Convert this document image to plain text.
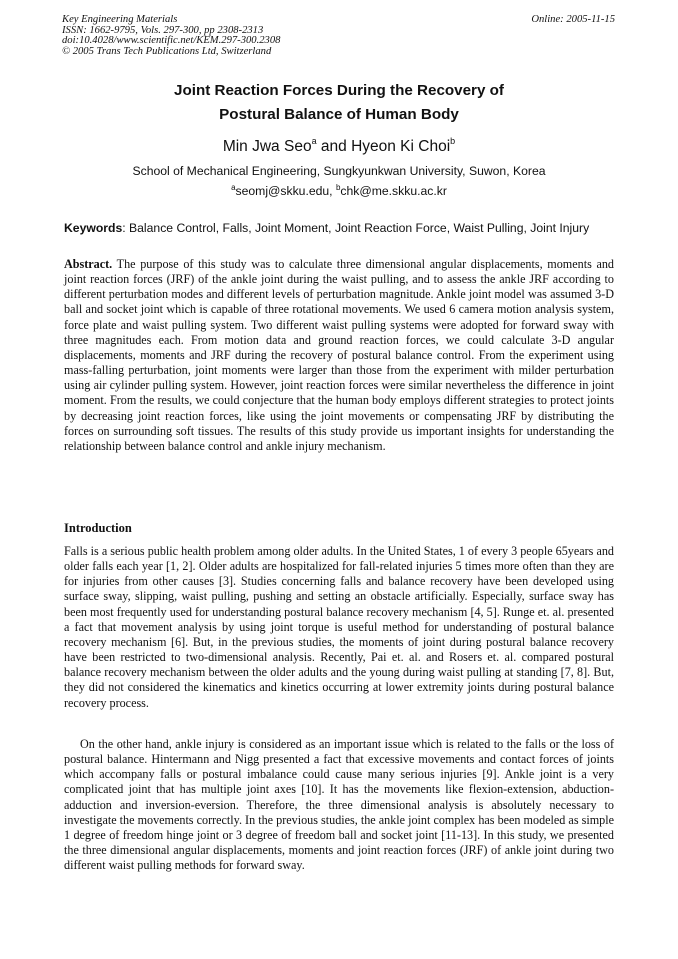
Key Engineering Materials
ISSN: 1662-9795, Vols. 297-300, pp 2308-2313
doi:10.4028/www.scientific.net/KEM.297-300.2308
© 2005 Trans Tech Publications Ltd, Switzerland
Online: 2005-11-15
Joint Reaction Forces During the Recovery of
Postural Balance of Human Body
Min Jwa Seo$^a$ and Hyeon Ki Choi$^b$
School of Mechanical Engineering, Sungkyunkwan University, Suwon, Korea
$^a$seomj@skku.edu, $^b$chk@me.skku.ac.kr
Keywords: Balance Control, Falls, Joint Moment, Joint Reaction Force, Waist Pulling, Joint Injury
Abstract. The purpose of this study was to calculate three dimensional angular displacements, moments and joint reaction forces (JRF) of the ankle joint during the waist pulling, and to assess the ankle JRF according to different perturbation modes and different levels of perturbation magnitude. Ankle joint model was assumed 3-D ball and socket joint which is capable of three rotational movements. We used 6 camera motion analysis system, force plate and waist pulling system. Two different waist pulling systems were adopted for forward sway with three magnitudes each. From motion data and ground reaction forces, we could calculate 3-D angular displacements, moments and JRF during the recovery of postural balance control. From the experiment using mass-falling perturbation, joint moments were larger than those from the experiment with milder perturbation using air cylinder pulling system. However, joint reaction forces were similar nevertheless the difference in joint moment. From the results, we could conjecture that the human body employs different strategies to protect joints by decreasing joint reaction forces, like using the joint movements or compensating JRF by distributing the forces on surrounding soft tissues. The results of this study provide us important insights for understanding the relationship between balance control and ankle injury mechanism.
Introduction
Falls is a serious public health problem among older adults. In the United States, 1 of every 3 people 65years and older falls each year [1, 2]. Older adults are hospitalized for fall-related injuries 5 times more often than they are for injuries from other causes [3]. Studies concerning falls and balance recovery have been developed using surface sway, slipping, waist pulling, pushing and setting an obstacle artificially. Especially, surface sway has been most frequently used for understanding postural balance recovery mechanism [4, 5]. Runge et. al. presented a fact that movement analysis by using joint torque is useful method for understanding of postural balance recovery mechanism [6]. But, in the previous studies, the moments of joint during postural balance recovery have been restricted to two-dimensional analysis. Recently, Pai et. al. and Rosers et. al. compared postural balance recovery mechanism between the older adults and the young during waist pulling at standing [7, 8]. But, they did not considered the kinematics and kinetics occurring at lower extremity joints during postural balance recovery process.
On the other hand, ankle injury is considered as an important issue which is related to the falls or the loss of postural balance. Hintermann and Nigg presented a fact that excessive movements and contact forces of joints which accompany falls or postural imbalance could cause many serious injuries [9]. Ankle joint is a very complicated joint that has multiple joint axes [10]. It has the movements like flexion-extension, abduction-adduction and inversion-eversion. Therefore, the three dimensional analysis is absolutely necessary to investigate the movements correctly. In the previous studies, the ankle joint complex has been modeled as simple 1 degree of freedom hinge joint or 3 degree of freedom ball and socket joint [11-13]. In this study, we presented the three dimensional angular displacements, moments and joint reaction forces (JRF) of ankle joint during two different waist pulling methods for forward sway.
